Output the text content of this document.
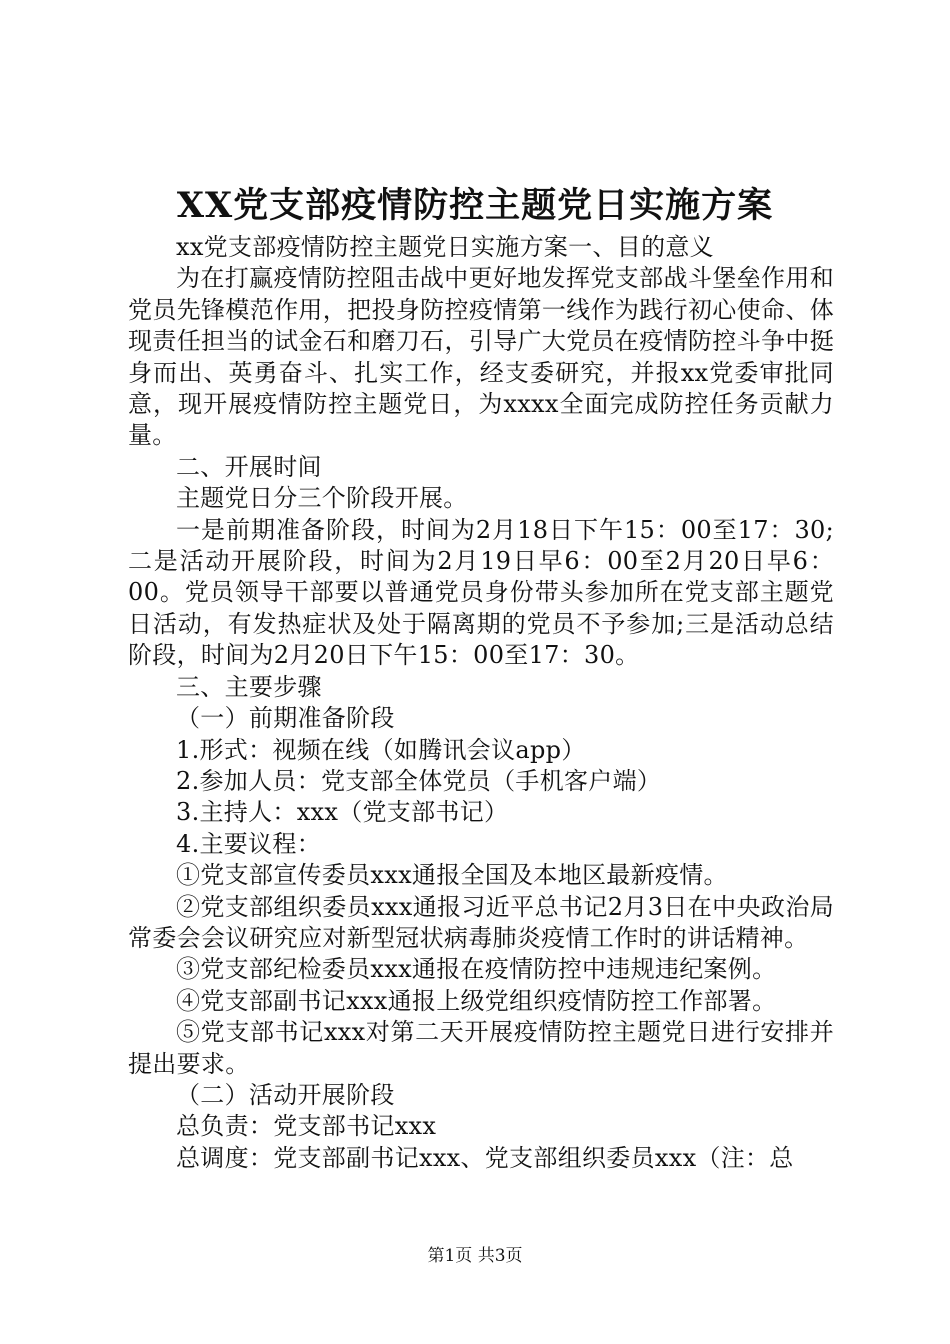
XX党支部疫情防控主题党日实施方案

xx党支部疫情防控主题党日实施方案一、目的意义

为在打赢疫情防控阻击战中更好地发挥党支部战斗堡垒作用和党员先锋模范作用，把投身防控疫情第一线作为践行初心使命、体现责任担当的试金石和磨刀石，引导广大党员在疫情防控斗争中挺身而出、英勇奋斗、扎实工作，经支委研究，并报xx党委审批同意，现开展疫情防控主题党日，为xxxx全面完成防控任务贡献力量。

二、开展时间

主题党日分三个阶段开展。

一是前期准备阶段，时间为2月18日下午15：00至17：30;二是活动开展阶段，时间为2月19日早6：00至2月20日早6：00。党员领导干部要以普通党员身份带头参加所在党支部主题党日活动，有发热症状及处于隔离期的党员不予参加;三是活动总结阶段，时间为2月20日下午15：00至17：30。

三、主要步骤

（一）前期准备阶段

1.形式：视频在线（如腾讯会议app）

2.参加人员：党支部全体党员（手机客户端）

3.主持人：xxx（党支部书记）

4.主要议程：

①党支部宣传委员xxx通报全国及本地区最新疫情。

②党支部组织委员xxx通报习近平总书记2月3日在中央政治局常委会会议研究应对新型冠状病毒肺炎疫情工作时的讲话精神。

③党支部纪检委员xxx通报在疫情防控中违规违纪案例。

④党支部副书记xxx通报上级党组织疫情防控工作部署。

⑤党支部书记xxx对第二天开展疫情防控主题党日进行安排并提出要求。

（二）活动开展阶段

总负责：党支部书记xxx

总调度：党支部副书记xxx、党支部组织委员xxx（注：总

第1页 共3页
